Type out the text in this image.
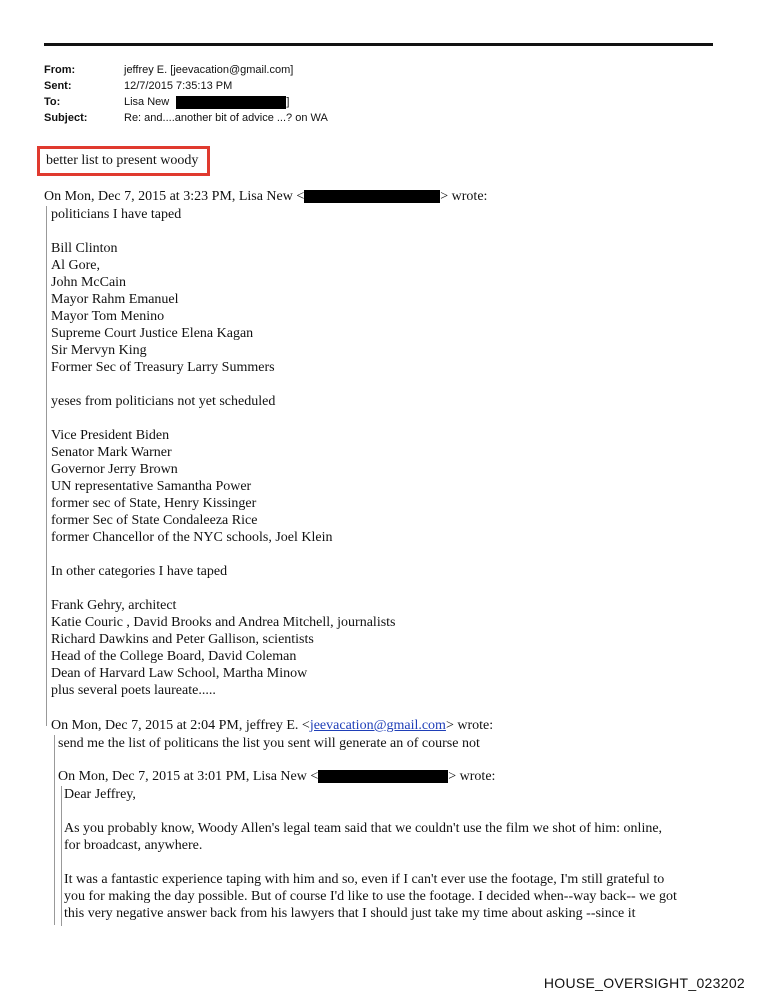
From:	jeffrey E. [jeevacation@gmail.com]
Sent:	12/7/2015 7:35:13 PM
To:	Lisa New	]
Subject:	Re: and....another bit of advice ...? on WA
better list to present woody
On Mon, Dec 7, 2015 at 3:23 PM, Lisa New <	> wrote:
politicians I have taped
Bill Clinton
Al Gore,
John McCain
Mayor Rahm Emanuel
Mayor Tom Menino
Supreme Court Justice Elena Kagan
Sir Mervyn King
Former Sec of Treasury Larry Summers
yeses from politicians not yet scheduled
Vice President Biden
Senator Mark Warner
Governor Jerry Brown
UN representative Samantha Power
former sec of State, Henry Kissinger
former Sec of State Condaleeza Rice
former Chancellor of the NYC schools, Joel Klein
In other categories I have taped
Frank Gehry, architect
Katie Couric , David Brooks and Andrea Mitchell, journalists
Richard Dawkins and Peter Gallison, scientists
Head of the College Board, David Coleman
Dean of Harvard Law School, Martha Minow
plus several poets laureate.....
On Mon, Dec 7, 2015 at 2:04 PM, jeffrey E. <jeevacation@gmail.com> wrote:
send me the list of politicans the list you sent will generate an of course not
On Mon, Dec 7, 2015 at 3:01 PM, Lisa New <	> wrote:
Dear Jeffrey,
As you probably know, Woody Allen's legal team said that we couldn't use the film we shot of him: online,
for broadcast, anywhere.
It was a fantastic experience taping with him and so, even if I can't ever use the footage, I'm still grateful to
you for making the day possible. But of course I'd like to use the footage. I decided when--way back-- we got
this very negative answer back from his lawyers that I should just take my time about asking --since it
HOUSE_OVERSIGHT_023202
